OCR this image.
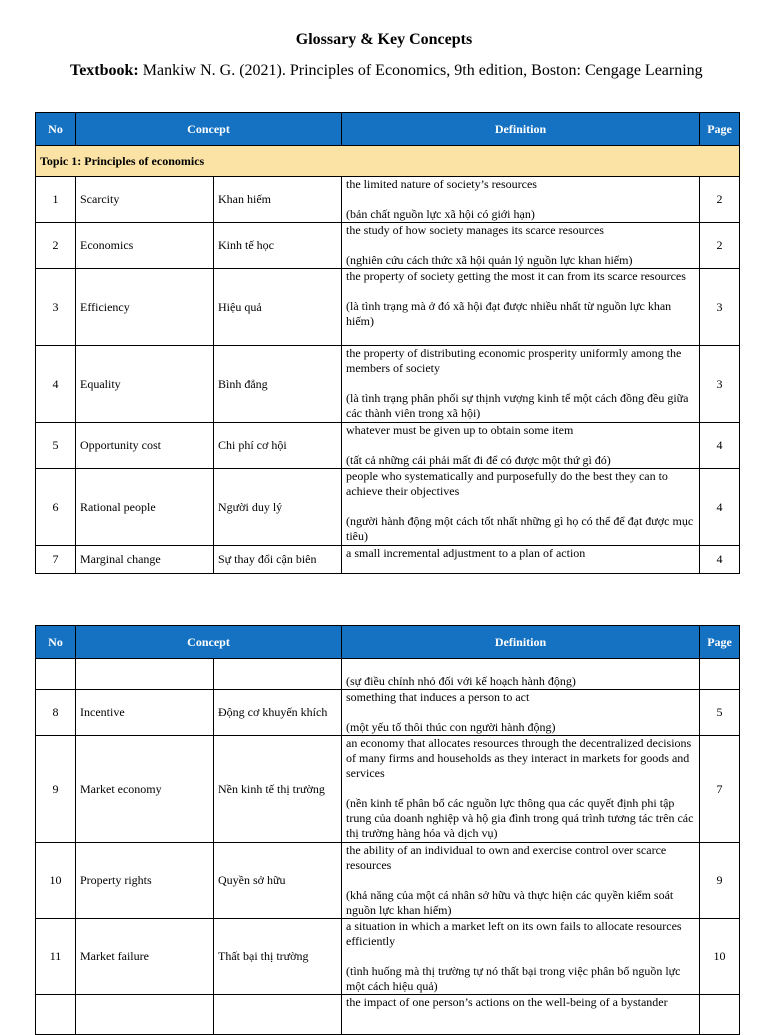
Glossary & Key Concepts
Textbook: Mankiw N. G. (2021). Principles of Economics, 9th edition, Boston: Cengage Learning
No	Concept		Definition	Page
Topic 1: Principles of economics				
1	Scarcity	Khan hiếm	the limited nature of society’s resources
(bản chất nguồn lực xã hội có giới hạn)	2
2	Economics	Kinh tế học	the study of how society manages its scarce resources
(nghiên cứu cách thức xã hội quản lý nguồn lực khan hiếm)	2
3	Efficiency	Hiệu quả	the property of society getting the most it can from its scarce resources
(là tình trạng mà ở đó xã hội đạt được nhiều nhất từ nguồn lực khan hiếm)	3
4	Equality	Bình đẳng	the property of distributing economic prosperity uniformly among the members of society
(là tình trạng phân phối sự thịnh vượng kinh tế một cách đồng đều giữa các thành viên trong xã hội)	3
5	Opportunity cost	Chi phí cơ hội	whatever must be given up to obtain some item
(tất cả những cái phải mất đi để có được một thứ gì đó)	4
6	Rational people	Người duy lý	people who systematically and purposefully do the best they can to achieve their objectives
(người hành động một cách tốt nhất những gì họ có thể để đạt được mục tiêu)	4
7	Marginal change	Sự thay đổi cận biên	a small incremental adjustment to a plan of action	4
No	Concept		Definition	Page
			(sự điều chỉnh nhỏ đối với kế hoạch hành động)	
8	Incentive	Động cơ khuyến khích	something that induces a person to act
(một yếu tố thôi thúc con người hành động)	5
9	Market economy	Nền kinh tế thị trường	an economy that allocates resources through the decentralized decisions of many firms and households as they interact in markets for goods and services
(nền kinh tế phân bổ các nguồn lực thông qua các quyết định phi tập trung của doanh nghiệp và hộ gia đình trong quá trình tương tác trên các thị trường hàng hóa và dịch vụ)	7
10	Property rights	Quyền sở hữu	the ability of an individual to own and exercise control over scarce resources
(khả năng của một cá nhân sở hữu và thực hiện các quyền kiểm soát nguồn lực khan hiếm)	9
11	Market failure	Thất bại thị trường	a situation in which a market left on its own fails to allocate resources efficiently
(tình huống mà thị trường tự nó thất bại trong việc phân bổ nguồn lực một cách hiệu quả)	10
			the impact of one person’s actions on the well-being of a bystander	
